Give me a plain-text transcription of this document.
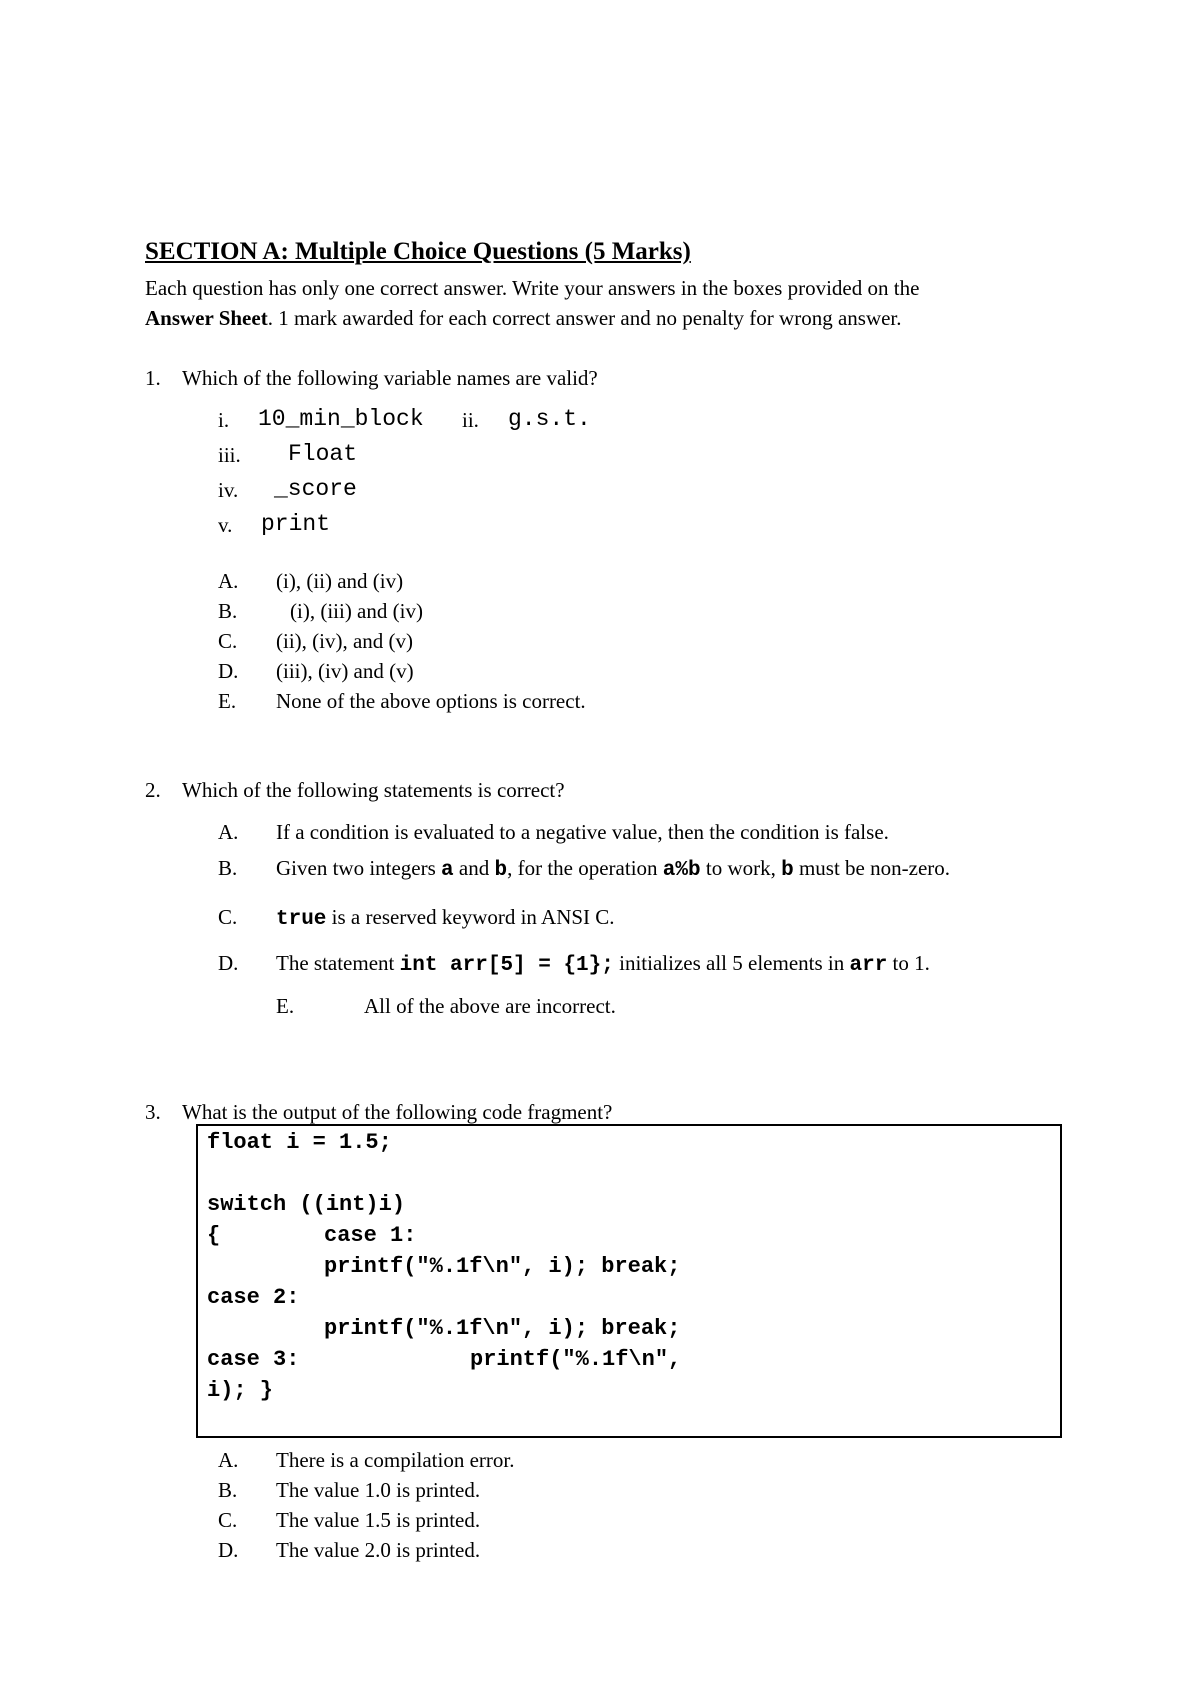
SECTION A: Multiple Choice Questions (5 Marks)
Each question has only one correct answer. Write your answers in the boxes provided on the
Answer Sheet. 1 mark awarded for each correct answer and no penalty for wrong answer.
1. Which of the following variable names are valid?
i. 10_min_block ii. g.s.t.
iii. Float
iv. _score
v. print
A. (i), (ii) and (iv)
B.	(i), (iii) and (iv)
C. (ii), (iv), and (v)
D. (iii), (iv) and (v)
E. None of the above options is correct.
2. Which of the following statements is correct?
A. If a condition is evaluated to a negative value, then the condition is false.
B. Given two integers a and b, for the operation a%b to work, b must be non-zero.
C. true is a reserved keyword in ANSI C.
D. The statement int arr[5] = {1}; initializes all 5 elements in arr to 1.
E.	All of the above are incorrect.
3. What is the output of the following code fragment?
float i = 1.5;
switch ((int)i)
{	case 1:
printf("%.1f\n", i); break;
case 2:
printf("%.1f\n", i); break;
case 3:	printf("%.1f\n",
i); }
A. There is a compilation error.
B. The value 1.0 is printed.
C. The value 1.5 is printed.
D. The value 2.0 is printed.
